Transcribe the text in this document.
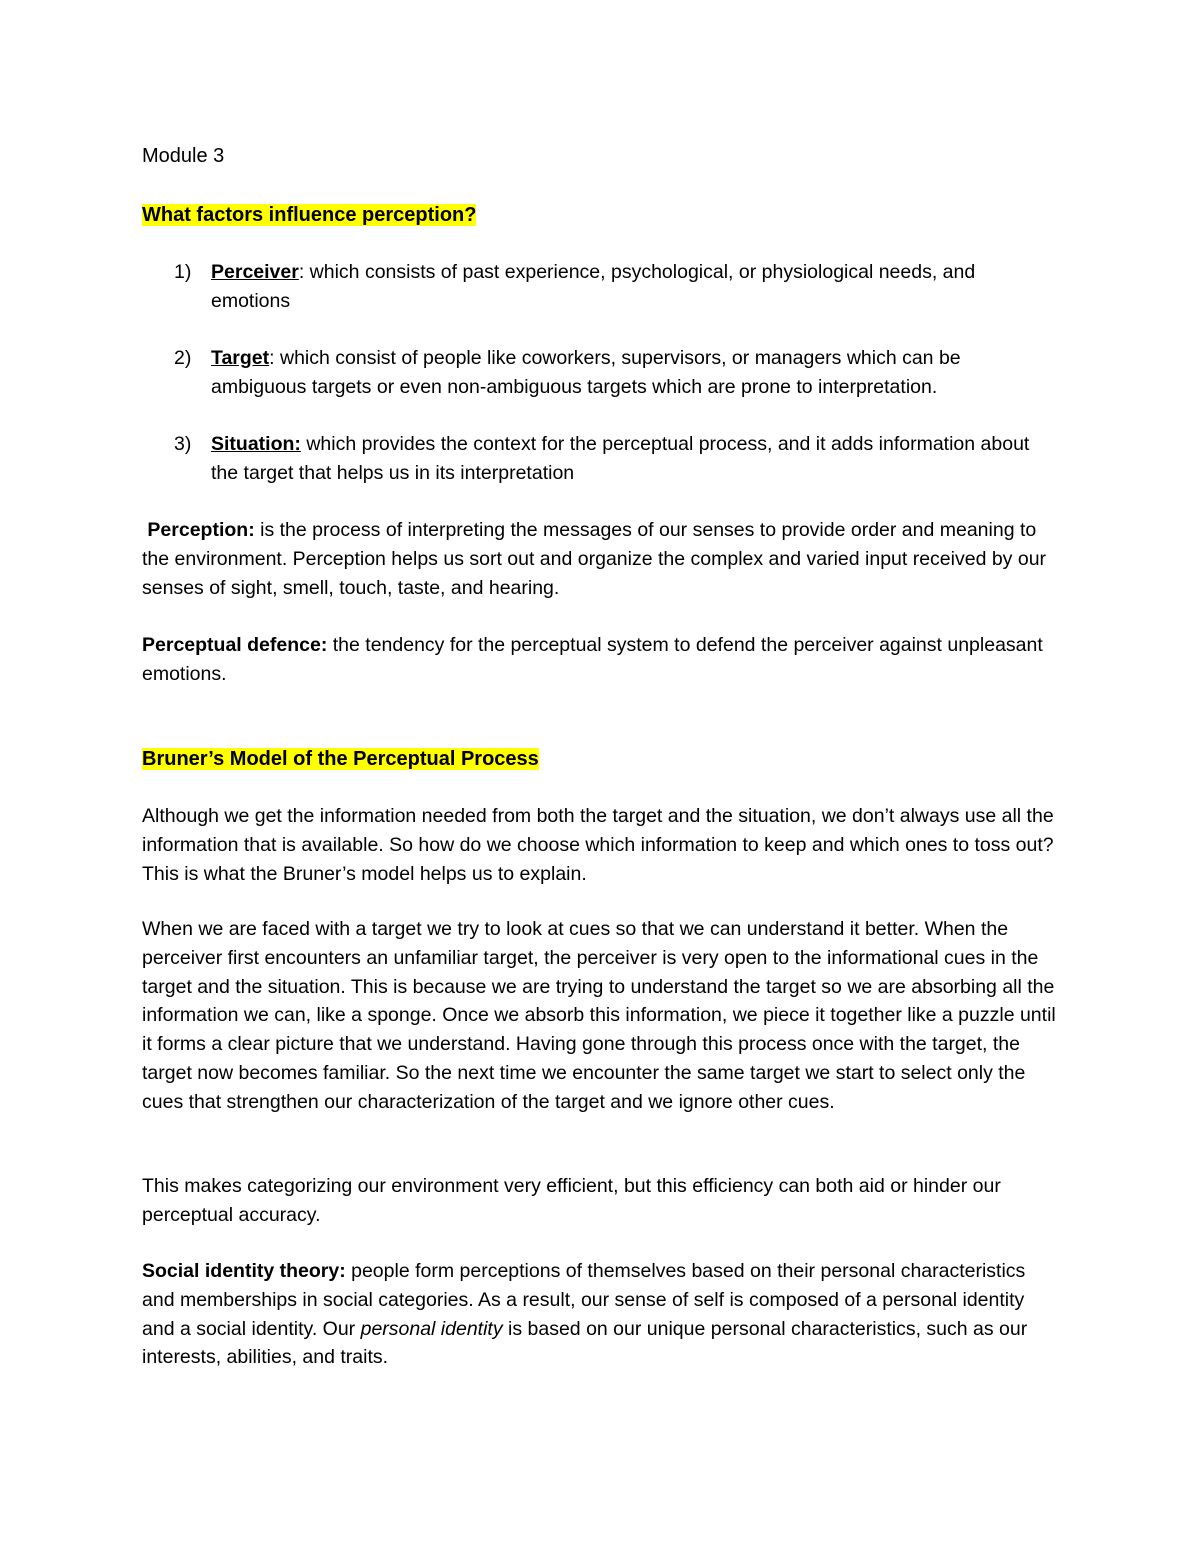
Module 3
What factors influence perception?
1)	Perceiver: which consists of past experience, psychological, or physiological needs, and emotions
2)	Target: which consist of people like coworkers, supervisors, or managers which can be ambiguous targets or even non-ambiguous targets which are prone to interpretation.
3)	Situation: which provides the context for the perceptual process, and it adds information about the target that helps us in its interpretation
Perception: is the process of interpreting the messages of our senses to provide order and meaning to the environment. Perception helps us sort out and organize the complex and varied input received by our senses of sight, smell, touch, taste, and hearing.
Perceptual defence: the tendency for the perceptual system to defend the perceiver against unpleasant emotions.
Bruner’s Model of the Perceptual Process
Although we get the information needed from both the target and the situation, we don’t always use all the information that is available. So how do we choose which information to keep and which ones to toss out? This is what the Bruner’s model helps us to explain.
When we are faced with a target we try to look at cues so that we can understand it better. When the perceiver first encounters an unfamiliar target, the perceiver is very open to the informational cues in the target and the situation. This is because we are trying to understand the target so we are absorbing all the information we can, like a sponge. Once we absorb this information, we piece it together like a puzzle until it forms a clear picture that we understand. Having gone through this process once with the target, the target now becomes familiar. So the next time we encounter the same target we start to select only the cues that strengthen our characterization of the target and we ignore other cues.
This makes categorizing our environment very efficient, but this efficiency can both aid or hinder our perceptual accuracy.
Social identity theory: people form perceptions of themselves based on their personal characteristics and memberships in social categories. As a result, our sense of self is composed of a personal identity and a social identity. Our personal identity is based on our unique personal characteristics, such as our interests, abilities, and traits.
